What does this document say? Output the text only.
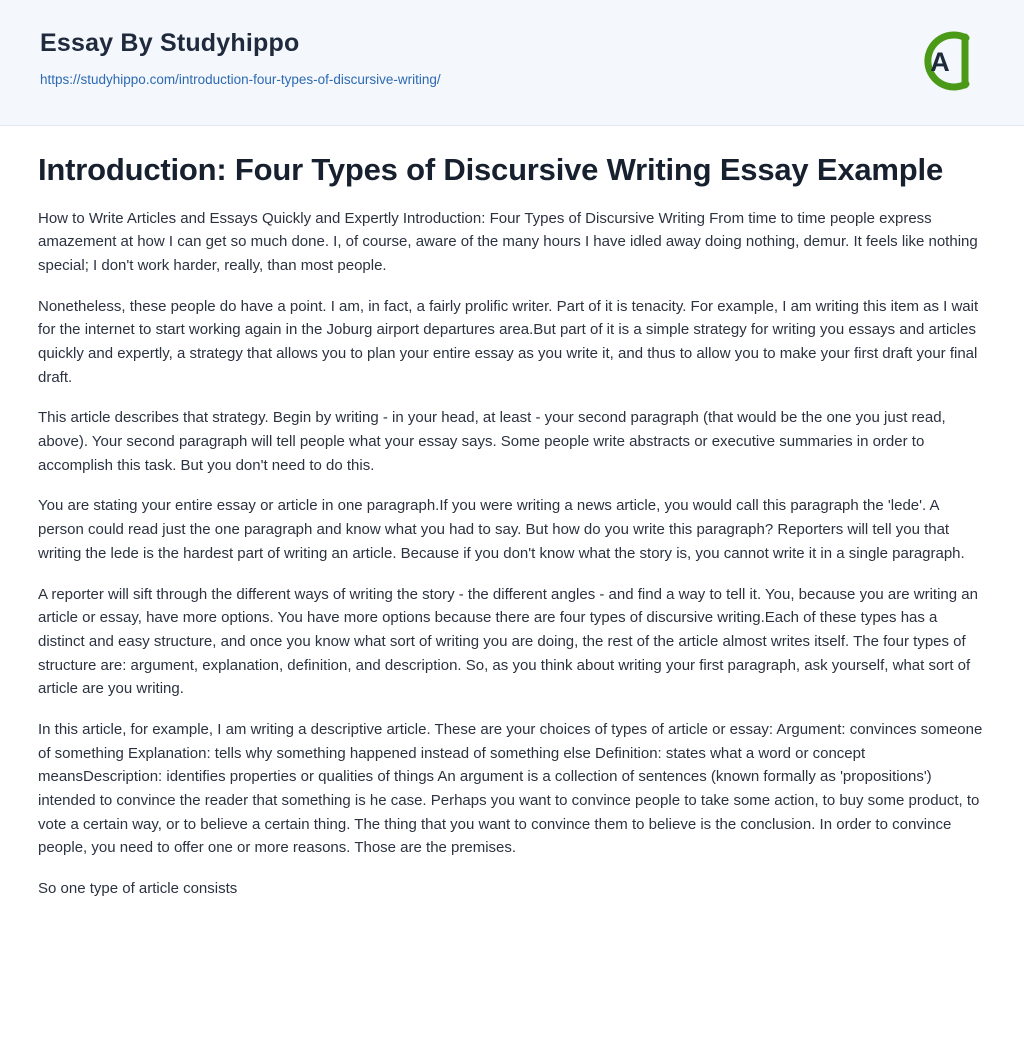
Essay By Studyhippo
https://studyhippo.com/introduction-four-types-of-discursive-writing/
A
Introduction: Four Types of Discursive Writing Essay Example

How to Write Articles and Essays Quickly and Expertly Introduction: Four Types of Discursive Writing From time to time people express amazement at how I can get so much done. I, of course, aware of the many hours I have idled away doing nothing, demur. It feels like nothing special; I don't work harder, really, than most people.

Nonetheless, these people do have a point. I am, in fact, a fairly prolific writer. Part of it is tenacity. For example, I am writing this item as I wait for the internet to start working again in the Joburg airport departures area.But part of it is a simple strategy for writing you essays and articles quickly and expertly, a strategy that allows you to plan your entire essay as you write it, and thus to allow you to make your first draft your final draft.

This article describes that strategy. Begin by writing - in your head, at least - your second paragraph (that would be the one you just read, above). Your second paragraph will tell people what your essay says. Some people write abstracts or executive summaries in order to accomplish this task. But you don't need to do this.

You are stating your entire essay or article in one paragraph.If you were writing a news article, you would call this paragraph the 'lede'. A person could read just the one paragraph and know what you had to say. But how do you write this paragraph? Reporters will tell you that writing the lede is the hardest part of writing an article. Because if you don't know what the story is, you cannot write it in a single paragraph.

A reporter will sift through the different ways of writing the story - the different angles - and find a way to tell it. You, because you are writing an article or essay, have more options. You have more options because there are four types of discursive writing.Each of these types has a distinct and easy structure, and once you know what sort of writing you are doing, the rest of the article almost writes itself. The four types of structure are: argument, explanation, definition, and description. So, as you think about writing your first paragraph, ask yourself, what sort of article are you writing.

In this article, for example, I am writing a descriptive article. These are your choices of types of article or essay: Argument: convinces someone of something Explanation: tells why something happened instead of something else Definition: states what a word or concept meansDescription: identifies properties or qualities of things An argument is a collection of sentences (known formally as 'propositions') intended to convince the reader that something is he case. Perhaps you want to convince people to take some action, to buy some product, to vote a certain way, or to believe a certain thing. The thing that you want to convince them to believe is the conclusion. In order to convince people, you need to offer one or more reasons. Those are the premises.

So one type of article consists
